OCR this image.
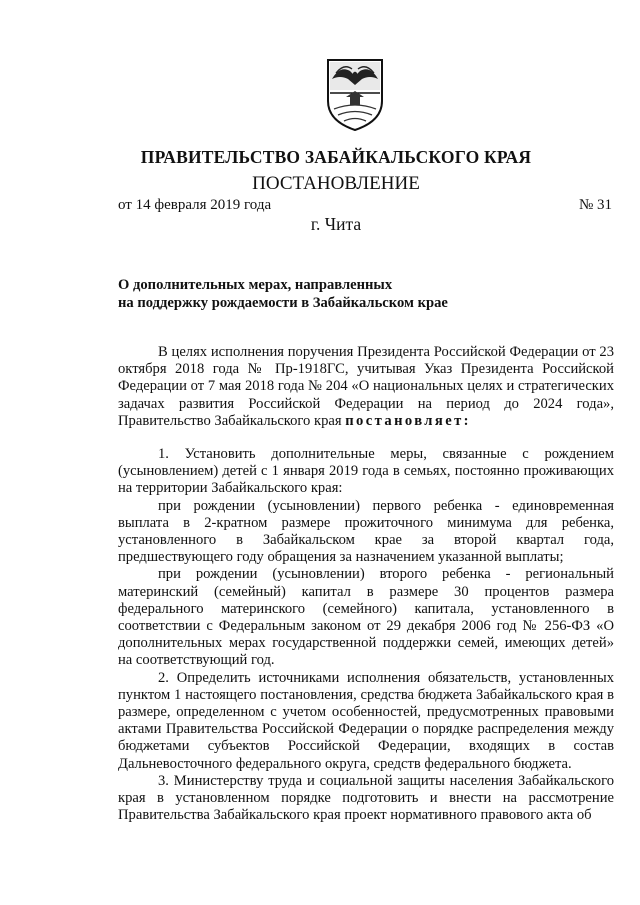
ПРАВИТЕЛЬСТВО ЗАБАЙКАЛЬСКОГО КРАЯ
ПОСТАНОВЛЕНИЕ
от 14 февраля 2019 года	№ 31
г. Чита
О дополнительных мерах, направленных
на поддержку рождаемости в Забайкальском крае

В целях исполнения поручения Президента Российской Федерации от 23 октября 2018 года № Пр-1918ГС, учитывая Указ Президента Российской Федерации от 7 мая 2018 года № 204 «О национальных целях и стратегических задачах развития Российской Федерации на период до 2024 года», Правительство Забайкальского края постановляет:

1. Установить дополнительные меры, связанные с рождением (усыновлением) детей с 1 января 2019 года в семьях, постоянно проживающих на территории Забайкальского края:

при рождении (усыновлении) первого ребенка - единовременная выплата в 2-кратном размере прожиточного минимума для ребенка, установленного в Забайкальском крае за второй квартал года, предшествующего году обращения за назначением указанной выплаты;

при рождении (усыновлении) второго ребенка - региональный материнский (семейный) капитал в размере 30 процентов размера федерального материнского (семейного) капитала, установленного в соответствии с Федеральным законом от 29 декабря 2006 год № 256-ФЗ «О дополнительных мерах государственной поддержки семей, имеющих детей» на соответствующий год.

2. Определить источниками исполнения обязательств, установленных пунктом 1 настоящего постановления, средства бюджета Забайкальского края в размере, определенном с учетом особенностей, предусмотренных правовыми актами Правительства Российской Федерации о порядке распределения между бюджетами субъектов Российской Федерации, входящих в состав Дальневосточного федерального округа, средств федерального бюджета.

3. Министерству труда и социальной защиты населения Забайкальского края в установленном порядке подготовить и внести на рассмотрение Правительства Забайкальского края проект нормативного правового акта об
